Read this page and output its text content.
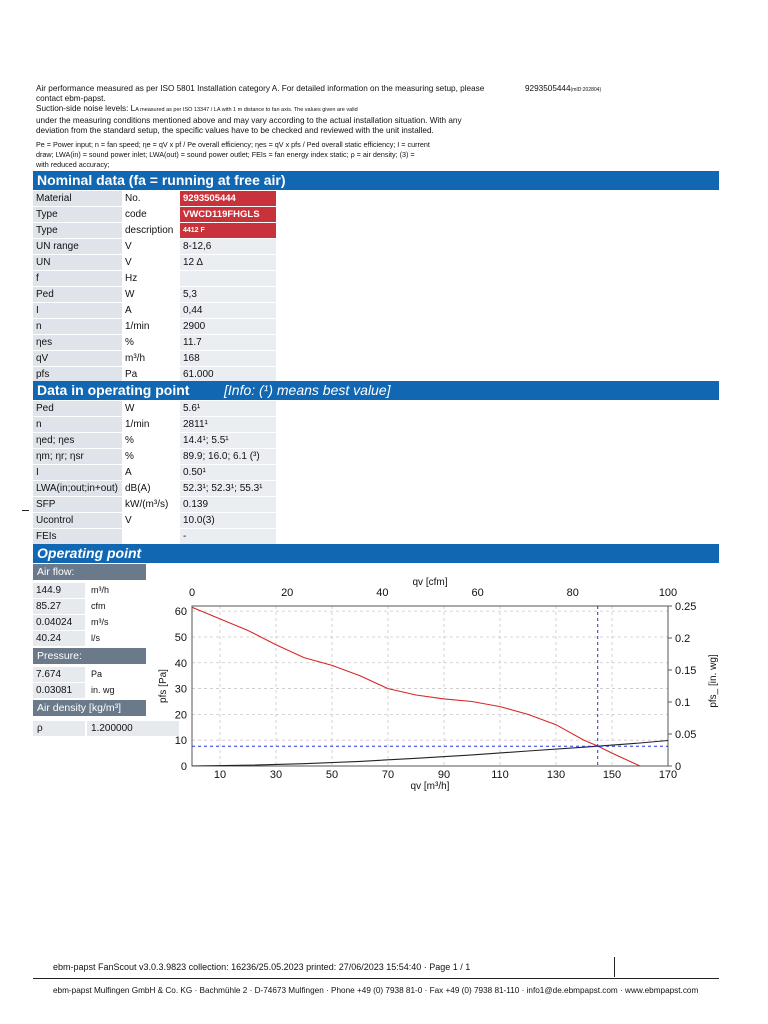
Air performance measured as per ISO 5801 Installation category A. For detailed information on the measuring setup, please
contact ebm-papst.
Suction-side noise levels: LA measured as per ISO 13347 / LA with 1 m distance to fan axis. The values given are valid
under the measuring conditions mentioned above and may vary according to the actual installation situation. With any
deviation from the standard setup, the specific values have to be checked and reviewed with the unit installed.
9293505444(mID:202804)
Pe = Power input; n = fan speed; ηe = qV x pf / Pe overall efficiency; ηes = qV x pfs / Ped overall static efficiency; I = current
draw; LWA(in) = sound power inlet; LWA(out) = sound power outlet; FEIs = fan energy index static; ρ = air density; (3) =
with reduced accuracy;
Nominal data (fa = running at free air)
Material	No.	9293505444
Type	code	VWCD119FHGLS
Type	description	4412 F
UN range	V	8-12,6
UN	V	12 Δ
f	Hz	
Ped	W	5,3
I	A	0,44
n	1/min	2900
ηes	%	11.7
qV	m³/h	168
pfs	Pa	61.000
Data in operating point [Info: (¹) means best value]
Ped	W	5.6¹
n	1/min	2811¹
ηed; ηes	%	14.4¹; 5.5¹
ηm; ηr; ηsr	%	89.9; 16.0; 6.1 (³)
I	A	0.50¹
LWA(in;out;in+out)	dB(A)	52.3¹; 52.3¹; 55.3¹
SFP	kW/(m³/s)	0.139
Ucontrol	V	10.0(3)
FEIs		-
Operating point
Air flow:
144.9	m³/h
85.27	cfm
0.04024 m³/s
40.24	l/s
Pressure:
7.674	Pa
0.03081 in. wg
Air density [kg/m³]
ρ	1.200000
10	30	50	70	90	110	130	150	170
0
10
20
30
40
50
60
0	20	40	60	80	100
0
0.05
0.1
0.15
0.2
0.25
qv [m³/h]
qv [cfm]
pfs [Pa]	pfs_ [in. wg]
ebm-papst FanScout v3.0.3.9823 collection: 16236/25.05.2023 printed: 27/06/2023 15:54:40 · Page 1 / 1
ebm-papst Mulfingen GmbH & Co. KG · Bachmühle 2 · D-74673 Mulfingen · Phone +49 (0) 7938 81-0 · Fax +49 (0) 7938 81-110 · info1@de.ebmpapst.com · www.ebmpapst.com
